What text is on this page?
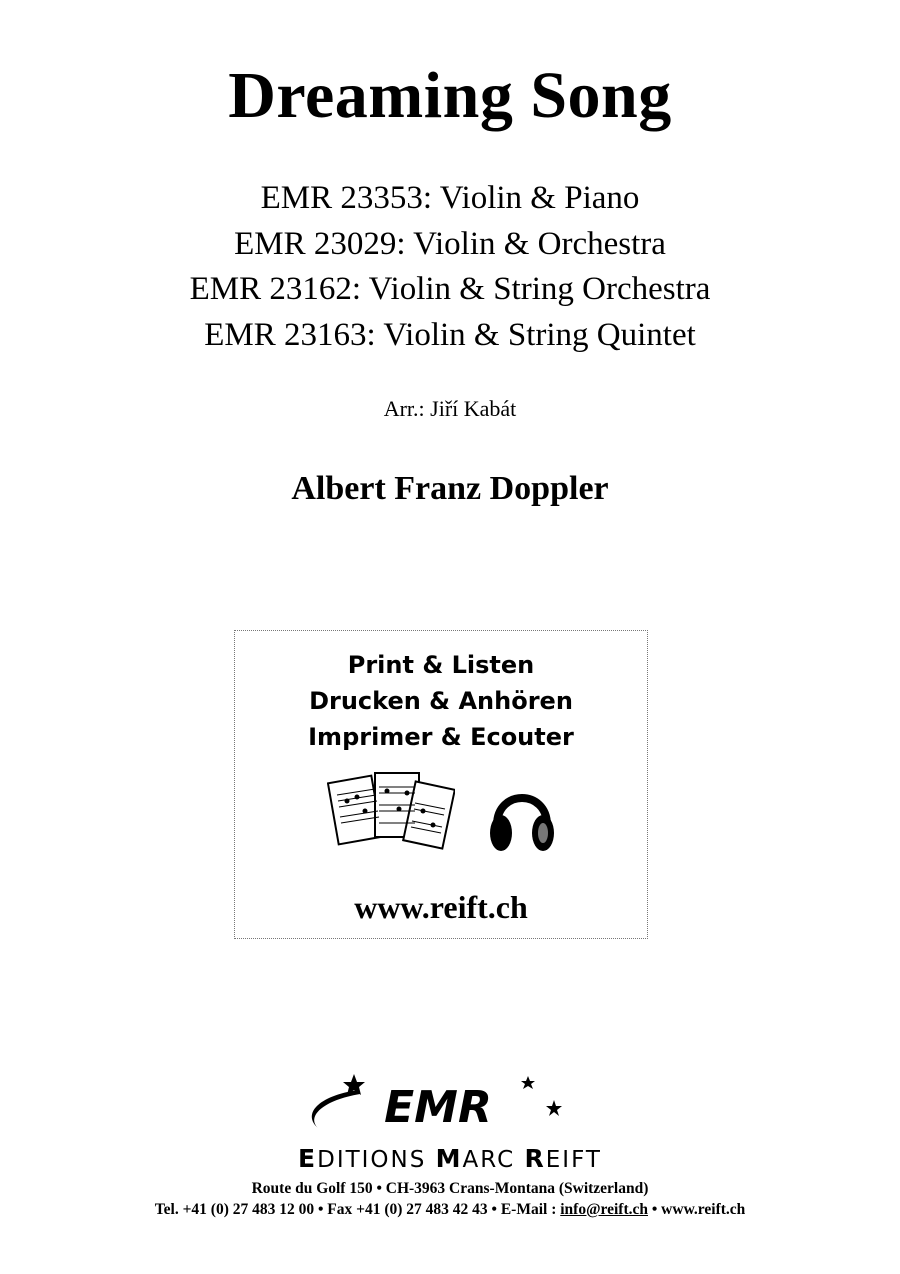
Dreaming Song
EMR 23353: Violin & Piano
EMR 23029: Violin & Orchestra
EMR 23162: Violin & String Orchestra
EMR 23163: Violin & String Quintet
Arr.: Jiří Kabát
Albert Franz Doppler
Print & Listen
Drucken & Anhören
Imprimer & Ecouter
www.reift.ch
EMR
EDITIONS MARC REIFT
Route du Golf 150 • CH-3963 Crans-Montana (Switzerland)
Tel. +41 (0) 27 483 12 00 • Fax +41 (0) 27 483 42 43 • E-Mail : info@reift.ch • www.reift.ch
